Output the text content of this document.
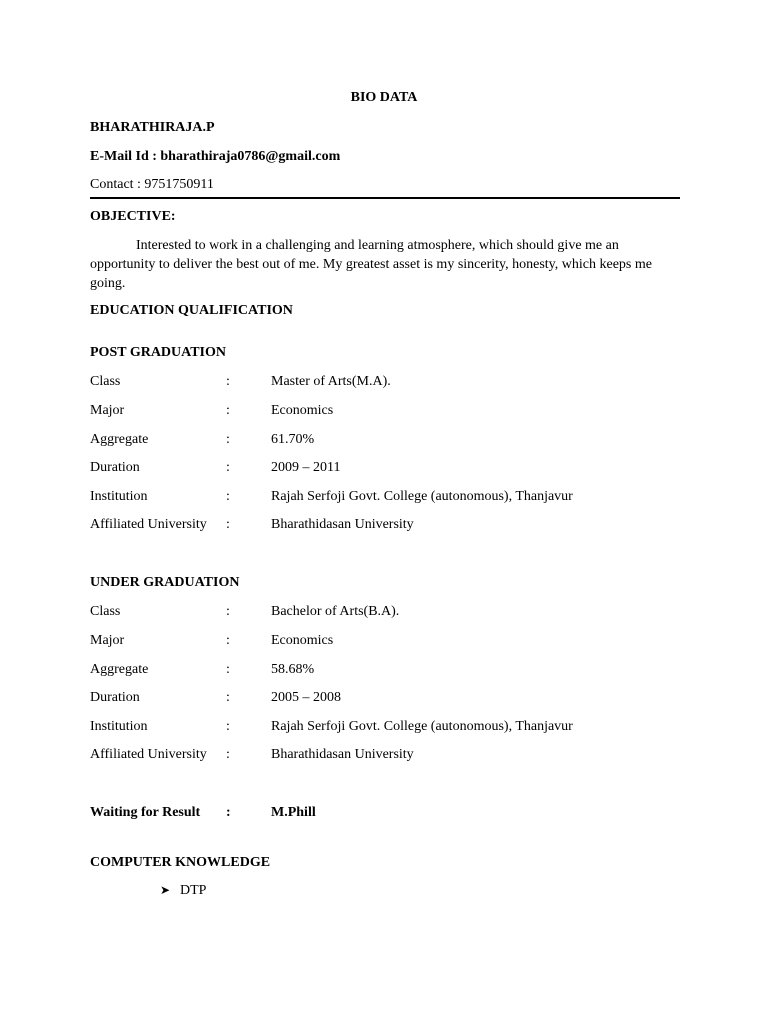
BIO DATA
BHARATHIRAJA.P
E-Mail Id : bharathiraja0786@gmail.com
Contact : 9751750911
OBJECTIVE:
Interested to work in a challenging and learning atmosphere, which should give me an opportunity to deliver the best out of me. My greatest asset is my sincerity, honesty, which keeps me going.
EDUCATION QUALIFICATION
POST GRADUATION
Class	:	Master of Arts(M.A).
Major	:	Economics
Aggregate	:	61.70%
Duration	:	2009 – 2011
Institution	:	Rajah Serfoji Govt. College (autonomous), Thanjavur
Affiliated University :	Bharathidasan University
UNDER GRADUATION
Class	:	Bachelor of Arts(B.A).
Major	:	Economics
Aggregate	:	58.68%
Duration	:	2005 – 2008
Institution	:	Rajah Serfoji Govt. College (autonomous), Thanjavur
Affiliated University :	Bharathidasan University
Waiting for Result :	M.Phill
COMPUTER KNOWLEDGE
➤ DTP
